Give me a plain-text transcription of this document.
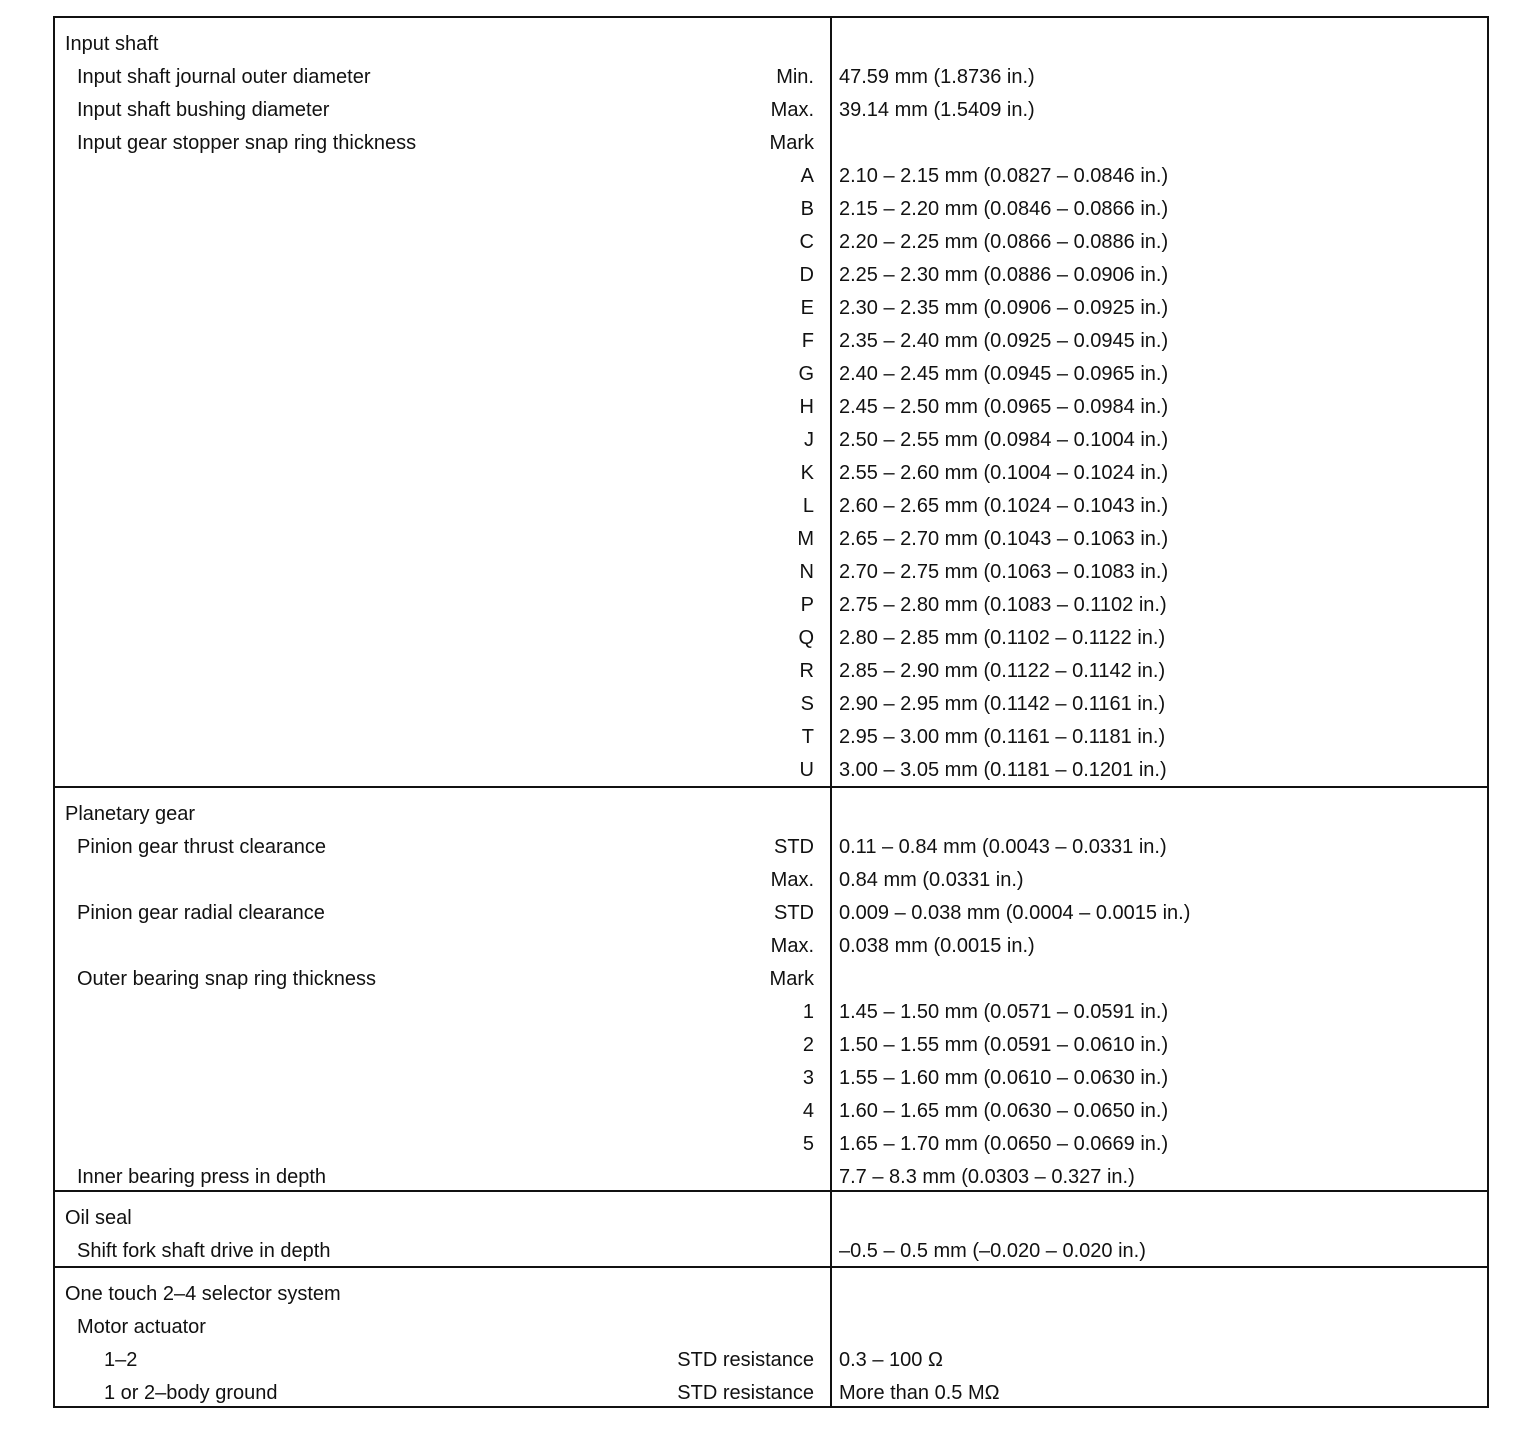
Input shaft
Input shaft journal outer diameter	Min. 47.59 mm (1.8736 in.)
Input shaft bushing diameter	Max. 39.14 mm (1.5409 in.)
Input gear stopper snap ring thickness	Mark
A 2.10 – 2.15 mm (0.0827 – 0.0846 in.)
B 2.15 – 2.20 mm (0.0846 – 0.0866 in.)
C 2.20 – 2.25 mm (0.0866 – 0.0886 in.)
D 2.25 – 2.30 mm (0.0886 – 0.0906 in.)
E 2.30 – 2.35 mm (0.0906 – 0.0925 in.)
F 2.35 – 2.40 mm (0.0925 – 0.0945 in.)
G 2.40 – 2.45 mm (0.0945 – 0.0965 in.)
H 2.45 – 2.50 mm (0.0965 – 0.0984 in.)
J 2.50 – 2.55 mm (0.0984 – 0.1004 in.)
K 2.55 – 2.60 mm (0.1004 – 0.1024 in.)
L 2.60 – 2.65 mm (0.1024 – 0.1043 in.)
M 2.65 – 2.70 mm (0.1043 – 0.1063 in.)
N 2.70 – 2.75 mm (0.1063 – 0.1083 in.)
P 2.75 – 2.80 mm (0.1083 – 0.1102 in.)
Q 2.80 – 2.85 mm (0.1102 – 0.1122 in.)
R 2.85 – 2.90 mm (0.1122 – 0.1142 in.)
S 2.90 – 2.95 mm (0.1142 – 0.1161 in.)
T 2.95 – 3.00 mm (0.1161 – 0.1181 in.)
U 3.00 – 3.05 mm (0.1181 – 0.1201 in.)
Planetary gear
Pinion gear thrust clearance	STD 0.11 – 0.84 mm (0.0043 – 0.0331 in.)
Max. 0.84 mm (0.0331 in.)
Pinion gear radial clearance	STD 0.009 – 0.038 mm (0.0004 – 0.0015 in.)
Max. 0.038 mm (0.0015 in.)
Outer bearing snap ring thickness	Mark
1 1.45 – 1.50 mm (0.0571 – 0.0591 in.)
2 1.50 – 1.55 mm (0.0591 – 0.0610 in.)
3 1.55 – 1.60 mm (0.0610 – 0.0630 in.)
4 1.60 – 1.65 mm (0.0630 – 0.0650 in.)
5 1.65 – 1.70 mm (0.0650 – 0.0669 in.)
Inner bearing press in depth	7.7 – 8.3 mm (0.0303 – 0.327 in.)
Oil seal
Shift fork shaft drive in depth	–0.5 – 0.5 mm (–0.020 – 0.020 in.)
One touch 2–4 selector system
Motor actuator
1–2	STD resistance 0.3 – 100 Ω
1 or 2–body ground	STD resistance More than 0.5 MΩ
